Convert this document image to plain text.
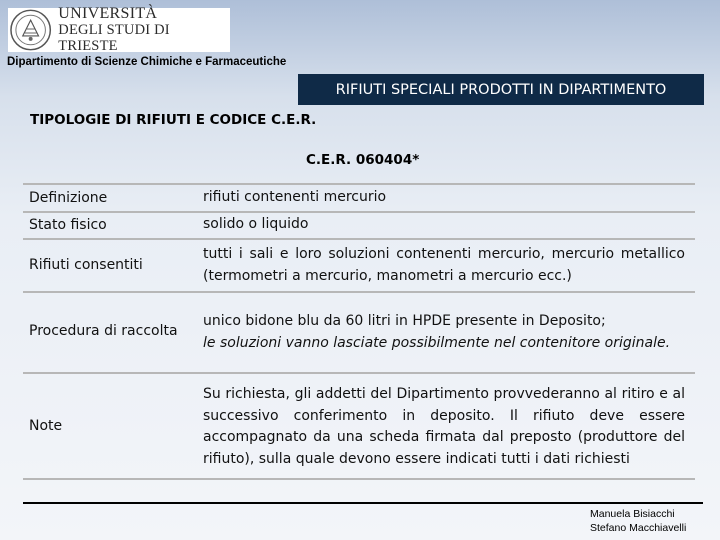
UNIVERSITÀ
DEGLI STUDI DI TRIESTE
Dipartimento di Scienze Chimiche e Farmaceutiche
RIFIUTI SPECIALI PRODOTTI IN DIPARTIMENTO
TIPOLOGIE DI RIFIUTI E CODICE C.E.R.
C.E.R. 060404*
Definizione	rifiuti contenenti mercurio
Stato fisico	solido o liquido
Rifiuti consentiti
tutti i sali e loro soluzioni contenenti mercurio, mercurio metallico (termometri a mercurio, manometri a mercurio ecc.)
Procedura di raccolta
unico bidone blu da 60 litri in HPDE presente in Deposito;
le soluzioni vanno lasciate possibilmente nel contenitore originale.
Note
Su richiesta, gli addetti del Dipartimento provvederanno al ritiro e al successivo conferimento in deposito. Il rifiuto deve essere accompagnato da una scheda firmata dal preposto (produttore del rifiuto), sulla quale devono essere indicati tutti i dati richiesti
Manuela Bisiacchi
Stefano Macchiavelli
